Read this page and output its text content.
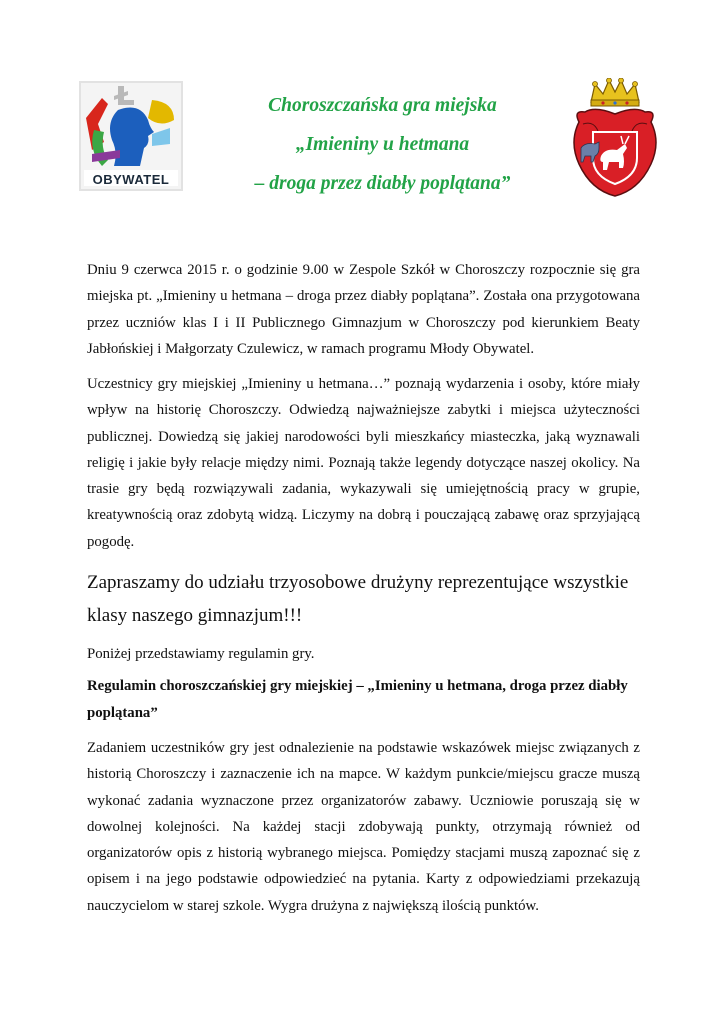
OBYWATEL
Choroszczańska gra miejska
„Imieniny u hetmana
– droga przez diabły poplątana”

Dniu 9 czerwca 2015 r. o godzinie 9.00 w Zespole Szkół w Choroszczy rozpocznie się gra miejska pt. „Imieniny u hetmana – droga przez diabły poplątana”. Została ona przygotowana przez uczniów klas I i II Publicznego Gimnazjum w Choroszczy pod kierunkiem Beaty Jabłońskiej i Małgorzaty Czulewicz, w ramach programu Młody Obywatel.

Uczestnicy gry miejskiej „Imieniny u hetmana…” poznają wydarzenia i osoby, które miały wpływ na historię Choroszczy. Odwiedzą najważniejsze zabytki i miejsca użyteczności publicznej. Dowiedzą się jakiej narodowości byli mieszkańcy miasteczka, jaką wyznawali religię i jakie były relacje między nimi. Poznają także legendy dotyczące naszej okolicy. Na trasie gry będą rozwiązywali zadania, wykazywali się umiejętnością pracy w grupie, kreatywnością oraz zdobytą widzą. Liczymy na dobrą i pouczającą zabawę oraz sprzyjającą pogodę.

Zapraszamy do udziału trzyosobowe drużyny reprezentujące wszystkie klasy naszego gimnazjum!!!

Poniżej przedstawiamy regulamin gry.

Regulamin choroszczańskiej gry miejskiej – „Imieniny u hetmana, droga przez diabły poplątana”

Zadaniem uczestników gry jest odnalezienie na podstawie wskazówek miejsc związanych z historią Choroszczy i zaznaczenie ich na mapce. W każdym punkcie/miejscu gracze muszą wykonać zadania wyznaczone przez organizatorów zabawy. Uczniowie poruszają się w dowolnej kolejności. Na każdej stacji zdobywają punkty, otrzymają również od organizatorów opis z historią wybranego miejsca. Pomiędzy stacjami muszą zapoznać się z opisem i na jego podstawie odpowiedzieć na pytania. Karty z odpowiedziami przekazują nauczycielom w starej szkole. Wygra drużyna z największą ilością punktów.
